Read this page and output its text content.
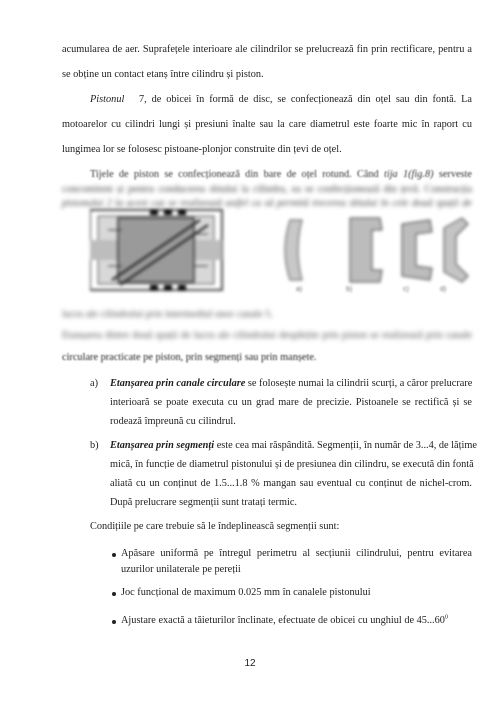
acumularea de aer. Suprafețele interioare ale cilindrilor se prelucrează fin prin rectificare, pentru a
se obține un contact etanș între cilindru și piston.
Pistonul 7, de obicei în formă de disc, se confecționează din oțel sau din fontă. La
motoarelor cu cilindri lungi și presiuni înalte sau la care diametrul este foarte mic în raport cu
lungimea lor se folosesc pistoane-plonjor construite din țevi de oțel.
Tijele de piston se confecționează din bare de oțel rotund. Când tija 1(fig.8) serveste
concomitent și pentru conducerea sbiului la cilindru, ea se confecționează din țevă. Construcția
pistonului 2 la acest caz se realizează astfel ca să permită trecerea sbiului în cele două spații de
a)	b)	c)	d)
lucru ale cilindrului prin intermediul unor canale 5.
Etanșarea dintre două spații de lucru ale cilindrului despărțite prin piston se realizează prin canale
circulare practicate pe piston, prin segmenți sau prin manșete.
a) Etanșarea prin canale circulare se folosește numai la cilindrii scurți, a căror prelucrare
interioară se poate executa cu un grad mare de precizie. Pistoanele se rectifică și se
rodează împreună cu cilindrul.
b) Etanșarea prin segmenți este cea mai răspândită. Segmenții, în număr de 3...4, de lățime
mică, în funcție de diametrul pistonului și de presiunea din cilindru, se execută din fontă
aliată cu un conținut de 1.5...1.8 % mangan sau eventual cu conținut de nichel-crom.
După prelucrare segmenții sunt tratați termic.
Condițiile pe care trebuie să le îndeplinească segmenții sunt:
Apăsare uniformă pe întregul perimetru al secțiunii cilindrului, pentru evitarea
uzurilor unilaterale pe pereții
Joc funcțional de maximum 0.025 mm în canalele pistonului
Ajustare exactă a tăieturilor înclinate, efectuate de obicei cu unghiul de 45...60$^0$
12
